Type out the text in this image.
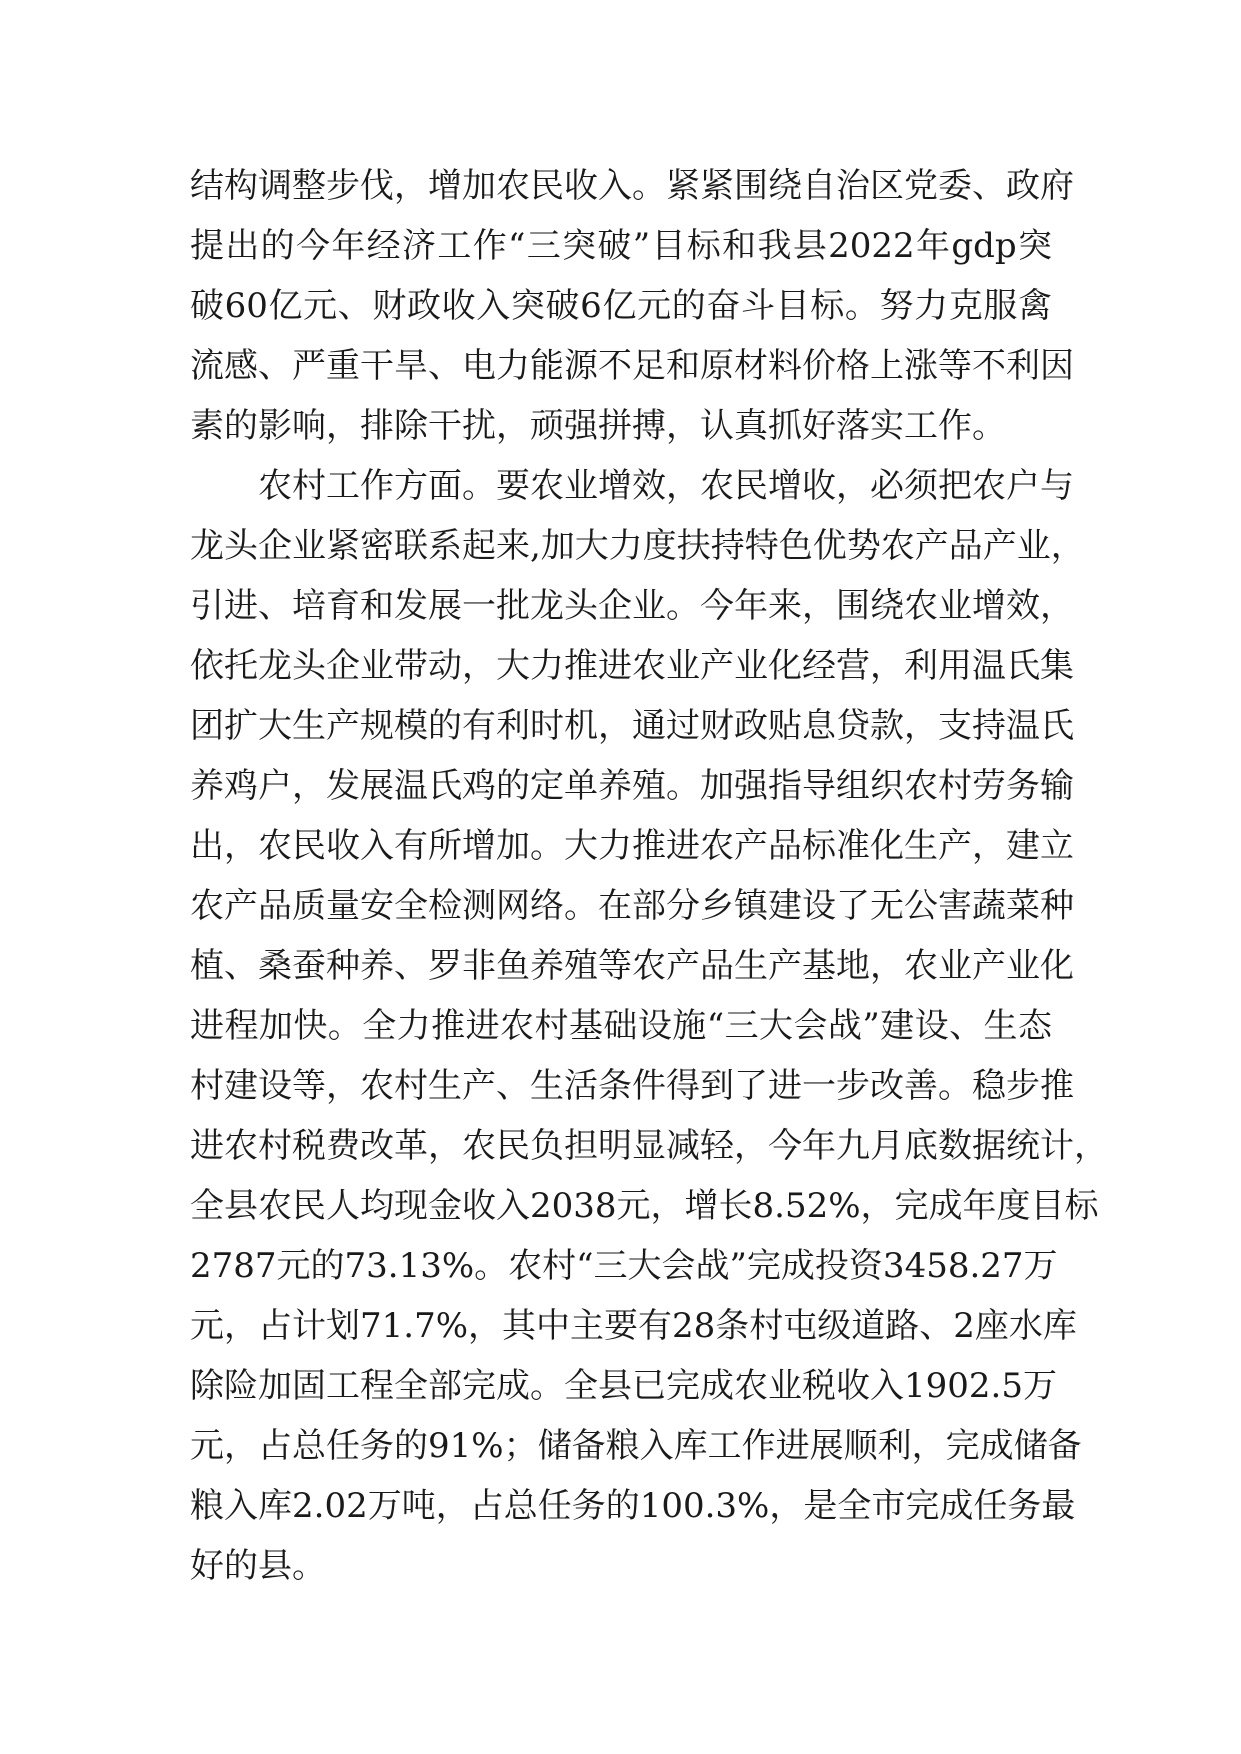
结构调整步伐，增加农民收入。紧紧围绕自治区党委、政府
提出的今年经济工作“三突破”目标和我县2022年gdp突
破60亿元、财政收入突破6亿元的奋斗目标。努力克服禽
流感、严重干旱、电力能源不足和原材料价格上涨等不利因
素的影响，排除干扰，顽强拼搏，认真抓好落实工作。
农村工作方面。要农业增效，农民增收，必须把农户与
龙头企业紧密联系起来,加大力度扶持特色优势农产品产业，
引进、培育和发展一批龙头企业。今年来，围绕农业增效，
依托龙头企业带动，大力推进农业产业化经营，利用温氏集
团扩大生产规模的有利时机，通过财政贴息贷款，支持温氏
养鸡户，发展温氏鸡的定单养殖。加强指导组织农村劳务输
出，农民收入有所增加。大力推进农产品标准化生产，建立
农产品质量安全检测网络。在部分乡镇建设了无公害蔬菜种
植、桑蚕种养、罗非鱼养殖等农产品生产基地，农业产业化
进程加快。全力推进农村基础设施“三大会战”建设、生态
村建设等，农村生产、生活条件得到了进一步改善。稳步推
进农村税费改革，农民负担明显减轻，今年九月底数据统计，
全县农民人均现金收入2038元，增长8.52%，完成年度目标
2787元的73.13%。农村“三大会战”完成投资3458.27万
元，占计划71.7%，其中主要有28条村屯级道路、2座水库
除险加固工程全部完成。全县已完成农业税收入1902.5万
元，占总任务的91%；储备粮入库工作进展顺利，完成储备
粮入库2.02万吨，占总任务的100.3%，是全市完成任务最
好的县。
